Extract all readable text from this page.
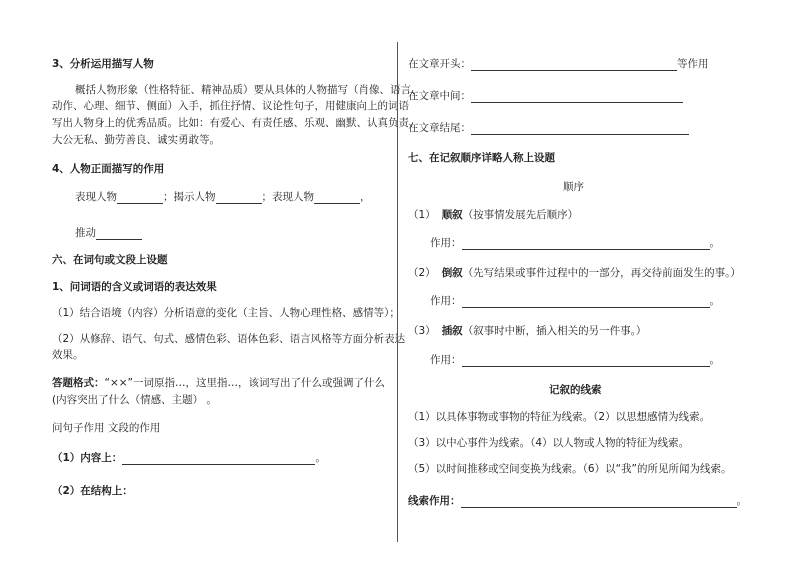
3、分析运用描写人物
概括人物形象（性格特征、精神品质）要从具体的人物描写（肖像、语言、
动作、心理、细节、侧面）入手，抓住抒情、议论性句子，用健康向上的词语
写出人物身上的优秀品质。比如：有爱心、有责任感、乐观、幽默、认真负责、
大公无私、勤劳善良、诚实勇敢等。
4、人物正面描写的作用
表现人物	；揭示人物	；表现人物	，
推动
六、在词句或文段上设题
1、问词语的含义或词语的表达效果
（1）结合语境（内容）分析语意的变化（主旨、人物心理性格、感情等）；
（2）从修辞、语气、句式、感情色彩、语体色彩、语言风格等方面分析表达
效果。
答题格式：“××”一词原指…，这里指…，该词写出了什么或强调了什么
(内容突出了什么（情感、主题） 。
问句子作用 文段的作用
（1）内容上：	。
（2）在结构上：
在文章开头：	等作用
在文章中间：
在文章结尾：
七、在记叙顺序详略人称上设题
顺序
（1） 顺叙（按事情发展先后顺序）
作用：	。
（2） 倒叙（先写结果或事件过程中的一部分，再交待前面发生的事。）
作用：	。
（3） 插叙（叙事时中断，插入相关的另一件事。）
作用：	。
记叙的线索
（1）以具体事物或事物的特征为线索。（2）以思想感情为线索。
（3）以中心事件为线索。（4）以人物或人物的特征为线索。
（5）以时间推移或空间变换为线索。（6）以“我”的所见所闻为线索。
线索作用：	。
